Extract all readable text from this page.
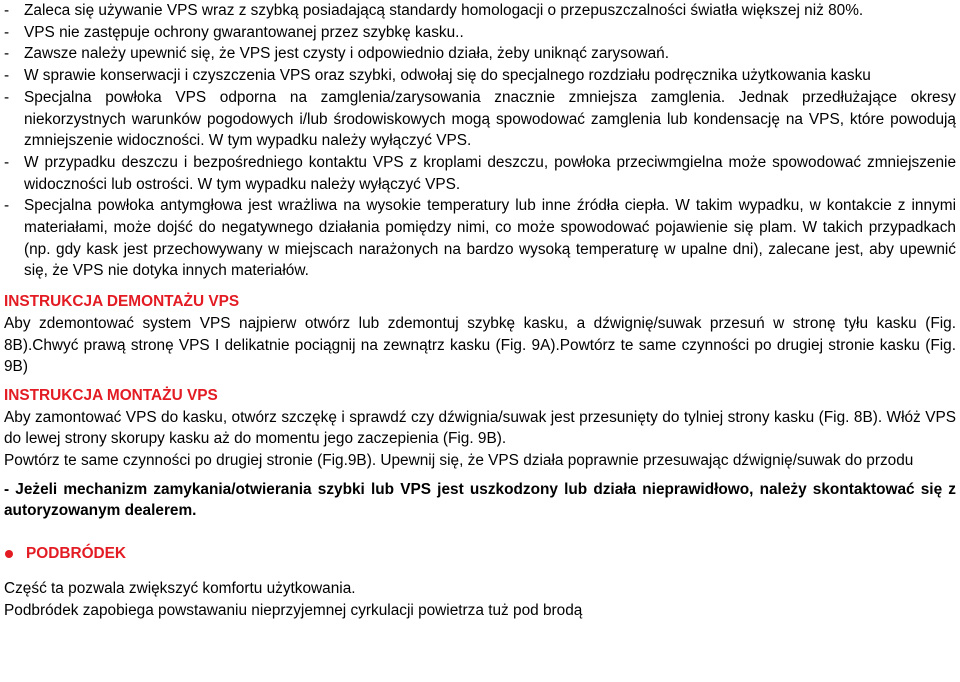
- Zaleca się używanie VPS wraz z szybką posiadającą standardy homologacji o przepuszczalności światła większej niż 80%.
- VPS nie zastępuje ochrony gwarantowanej przez szybkę kasku..
- Zawsze należy upewnić się, że VPS jest czysty i odpowiednio działa, żeby uniknąć zarysowań.
- W sprawie konserwacji i czyszczenia VPS oraz szybki, odwołaj się do specjalnego rozdziału podręcznika użytkowania kasku
- Specjalna powłoka VPS odporna na zamglenia/zarysowania znacznie zmniejsza zamglenia. Jednak przedłużające okresy niekorzystnych warunków pogodowych i/lub środowiskowych mogą spowodować zamglenia lub kondensację na VPS, które powodują zmniejszenie widoczności. W tym wypadku należy wyłączyć VPS.
- W przypadku deszczu i bezpośredniego kontaktu VPS z kroplami deszczu, powłoka przeciwmgielna może spowodować zmniejszenie widoczności lub ostrości. W tym wypadku należy wyłączyć VPS.
- Specjalna powłoka antymgłowa jest wrażliwa na wysokie temperatury lub inne źródła ciepła. W takim wypadku, w kontakcie z innymi materiałami, może dojść do negatywnego działania pomiędzy nimi, co może spowodować pojawienie się plam. W takich przypadkach (np. gdy kask jest przechowywany w miejscach narażonych na bardzo wysoką temperaturę w upalne dni), zalecane jest, aby upewnić się, że VPS nie dotyka innych materiałów.
INSTRUKCJA DEMONTAŻU VPS
Aby zdemontować system VPS najpierw otwórz lub zdemontuj szybkę kasku, a dźwignię/suwak przesuń w stronę tyłu kasku (Fig. 8B).Chwyć prawą stronę VPS I delikatnie pociągnij na zewnątrz kasku (Fig. 9A).Powtórz te same czynności po drugiej stronie kasku (Fig. 9B)
INSTRUKCJA MONTAŻU VPS
Aby zamontować VPS do kasku, otwórz szczękę i sprawdź czy dźwignia/suwak jest przesunięty do tylniej strony kasku (Fig. 8B). Włóż VPS do lewej strony skorupy kasku aż do momentu jego zaczepienia (Fig. 9B).
Powtórz te same czynności po drugiej stronie (Fig.9B). Upewnij się, że VPS działa poprawnie przesuwając dźwignię/suwak do przodu
- Jeżeli mechanizm zamykania/otwierania szybki lub VPS jest uszkodzony lub działa nieprawidłowo, należy skontaktować się z autoryzowanym dealerem.
PODBRÓDEK
Część ta pozwala zwiększyć komfortu użytkowania.
Podbródek zapobiega powstawaniu nieprzyjemnej cyrkulacji powietrza tuż pod brodą
